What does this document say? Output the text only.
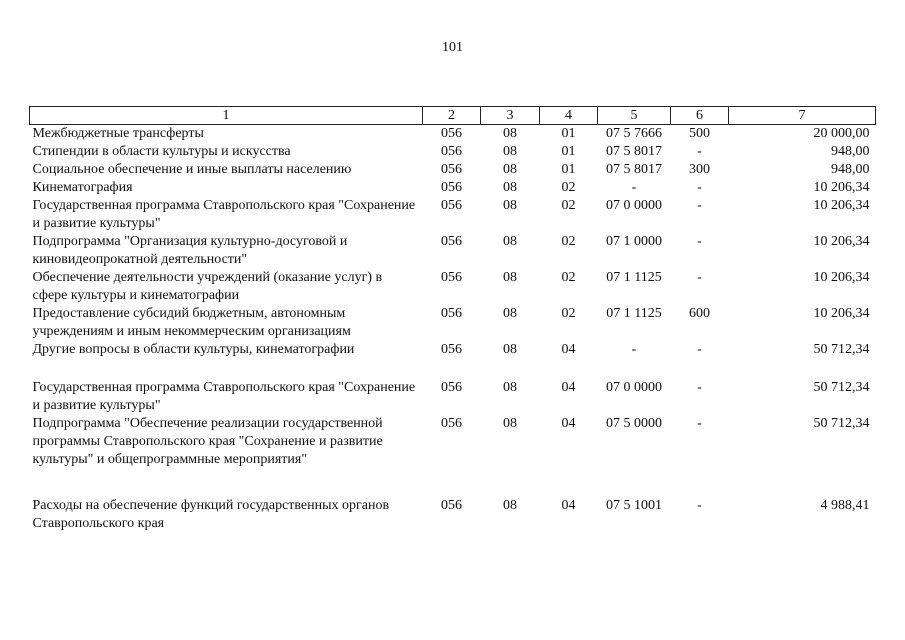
101
1	2	3	4	5	6	7
Межбюджетные трансферты	056	08	01	07 5 7666	500	20 000,00
Стипендии в области культуры и искусства	056	08	01	07 5 8017	-	948,00
Социальное обеспечение и иные выплаты населению	056	08	01	07 5 8017	300	948,00
Кинематография	056	08	02	-	-	10 206,34
Государственная программа Ставропольского края "Сохранение и развитие культуры"	056	08	02	07 0 0000	-	10 206,34
Подпрограмма "Организация культурно-досуговой и киновидеопрокатной деятельности"	056	08	02	07 1 0000	-	10 206,34
Обеспечение деятельности учреждений (оказание услуг) в сфере культуры и кинематографии	056	08	02	07 1 1125	-	10 206,34
Предоставление субсидий бюджетным, автономным учреждениям и иным некоммерческим организациям	056	08	02	07 1 1125	600	10 206,34
Другие вопросы в области культуры, кинематографии	056	08	04	-	-	50 712,34
Государственная программа Ставропольского края "Сохранение и развитие культуры"	056	08	04	07 0 0000	-	50 712,34
Подпрограмма "Обеспечение реализации государственной программы Ставропольского края "Сохранение и развитие культуры" и общепрограммные мероприятия"	056	08	04	07 5 0000	-	50 712,34
Расходы на обеспечение функций государственных органов Ставропольского края	056	08	04	07 5 1001	-	4 988,41
